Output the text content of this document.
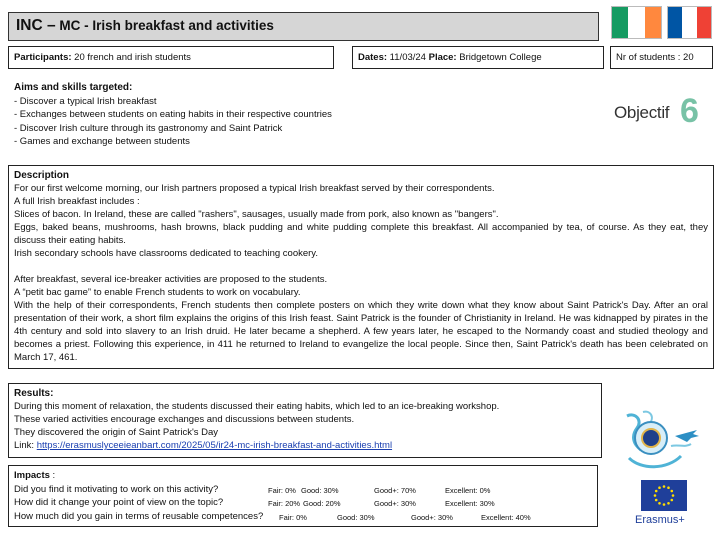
INC – MC - Irish breakfast and activities
Participants: 20 french and irish students	Dates: 11/03/24 Place: Bridgetown College	Nr of students : 20
Aims and skills targeted:
- Discover a typical Irish breakfast
- Exchanges between students on eating habits in their respective countries
- Discover Irish culture through its gastronomy and Saint Patrick
- Games and exchange between students
Objectif 6
Description

For our first welcome morning, our Irish partners proposed a typical Irish breakfast served by their correspondents.

A full Irish breakfast includes :

Slices of bacon. In Ireland, these are called "rashers", sausages, usually made from pork, also known as "bangers".

Eggs, baked beans, mushrooms, hash browns, black pudding and white pudding complete this breakfast. All accompanied by tea, of course. As they eat, they discuss their eating habits.

Irish secondary schools have classrooms dedicated to teaching cookery.

After breakfast, several ice-breaker activities are proposed to the students.

A “petit bac game” to enable French students to work on vocabulary.

With the help of their correspondents, French students then complete posters on which they write down what they know about Saint Patrick's Day. After an oral presentation of their work, a short film explains the origins of this Irish feast. Saint Patrick is the founder of Christianity in Ireland. He was kidnapped by pirates in the 4th century and sold into slavery to an Irish druid. He later became a shepherd. A few years later, he escaped to the Normandy coast and studied theology and becomes a priest. Following this experience, in 411 he returned to Ireland to evangelize the local people. Since then, Saint Patrick's death has been celebrated on March 17, 461.

Results:
During this moment of relaxation, the students discussed their eating habits, which led to an ice-breaking workshop.
These varied activities encourage exchanges and discussions between students.
They discovered the origin of Saint Patrick's Day
Link: https://erasmuslyceeieanbart.com/2025/05/ir24-mc-irish-breakfast-and-activities.html
Impacts :
Did you find it motivating to work on this activity?	Fair: 0% Good: 30%	Good+: 70%	Excellent: 0%
How did it change your point of view on the topic?	Fair: 20% Good: 20%	Good+: 30%	Excellent: 30%
How much did you gain in terms of reusable competences? Fair: 0%	Good: 30%	Good+: 30%	Excellent: 40%	Erasmus+
